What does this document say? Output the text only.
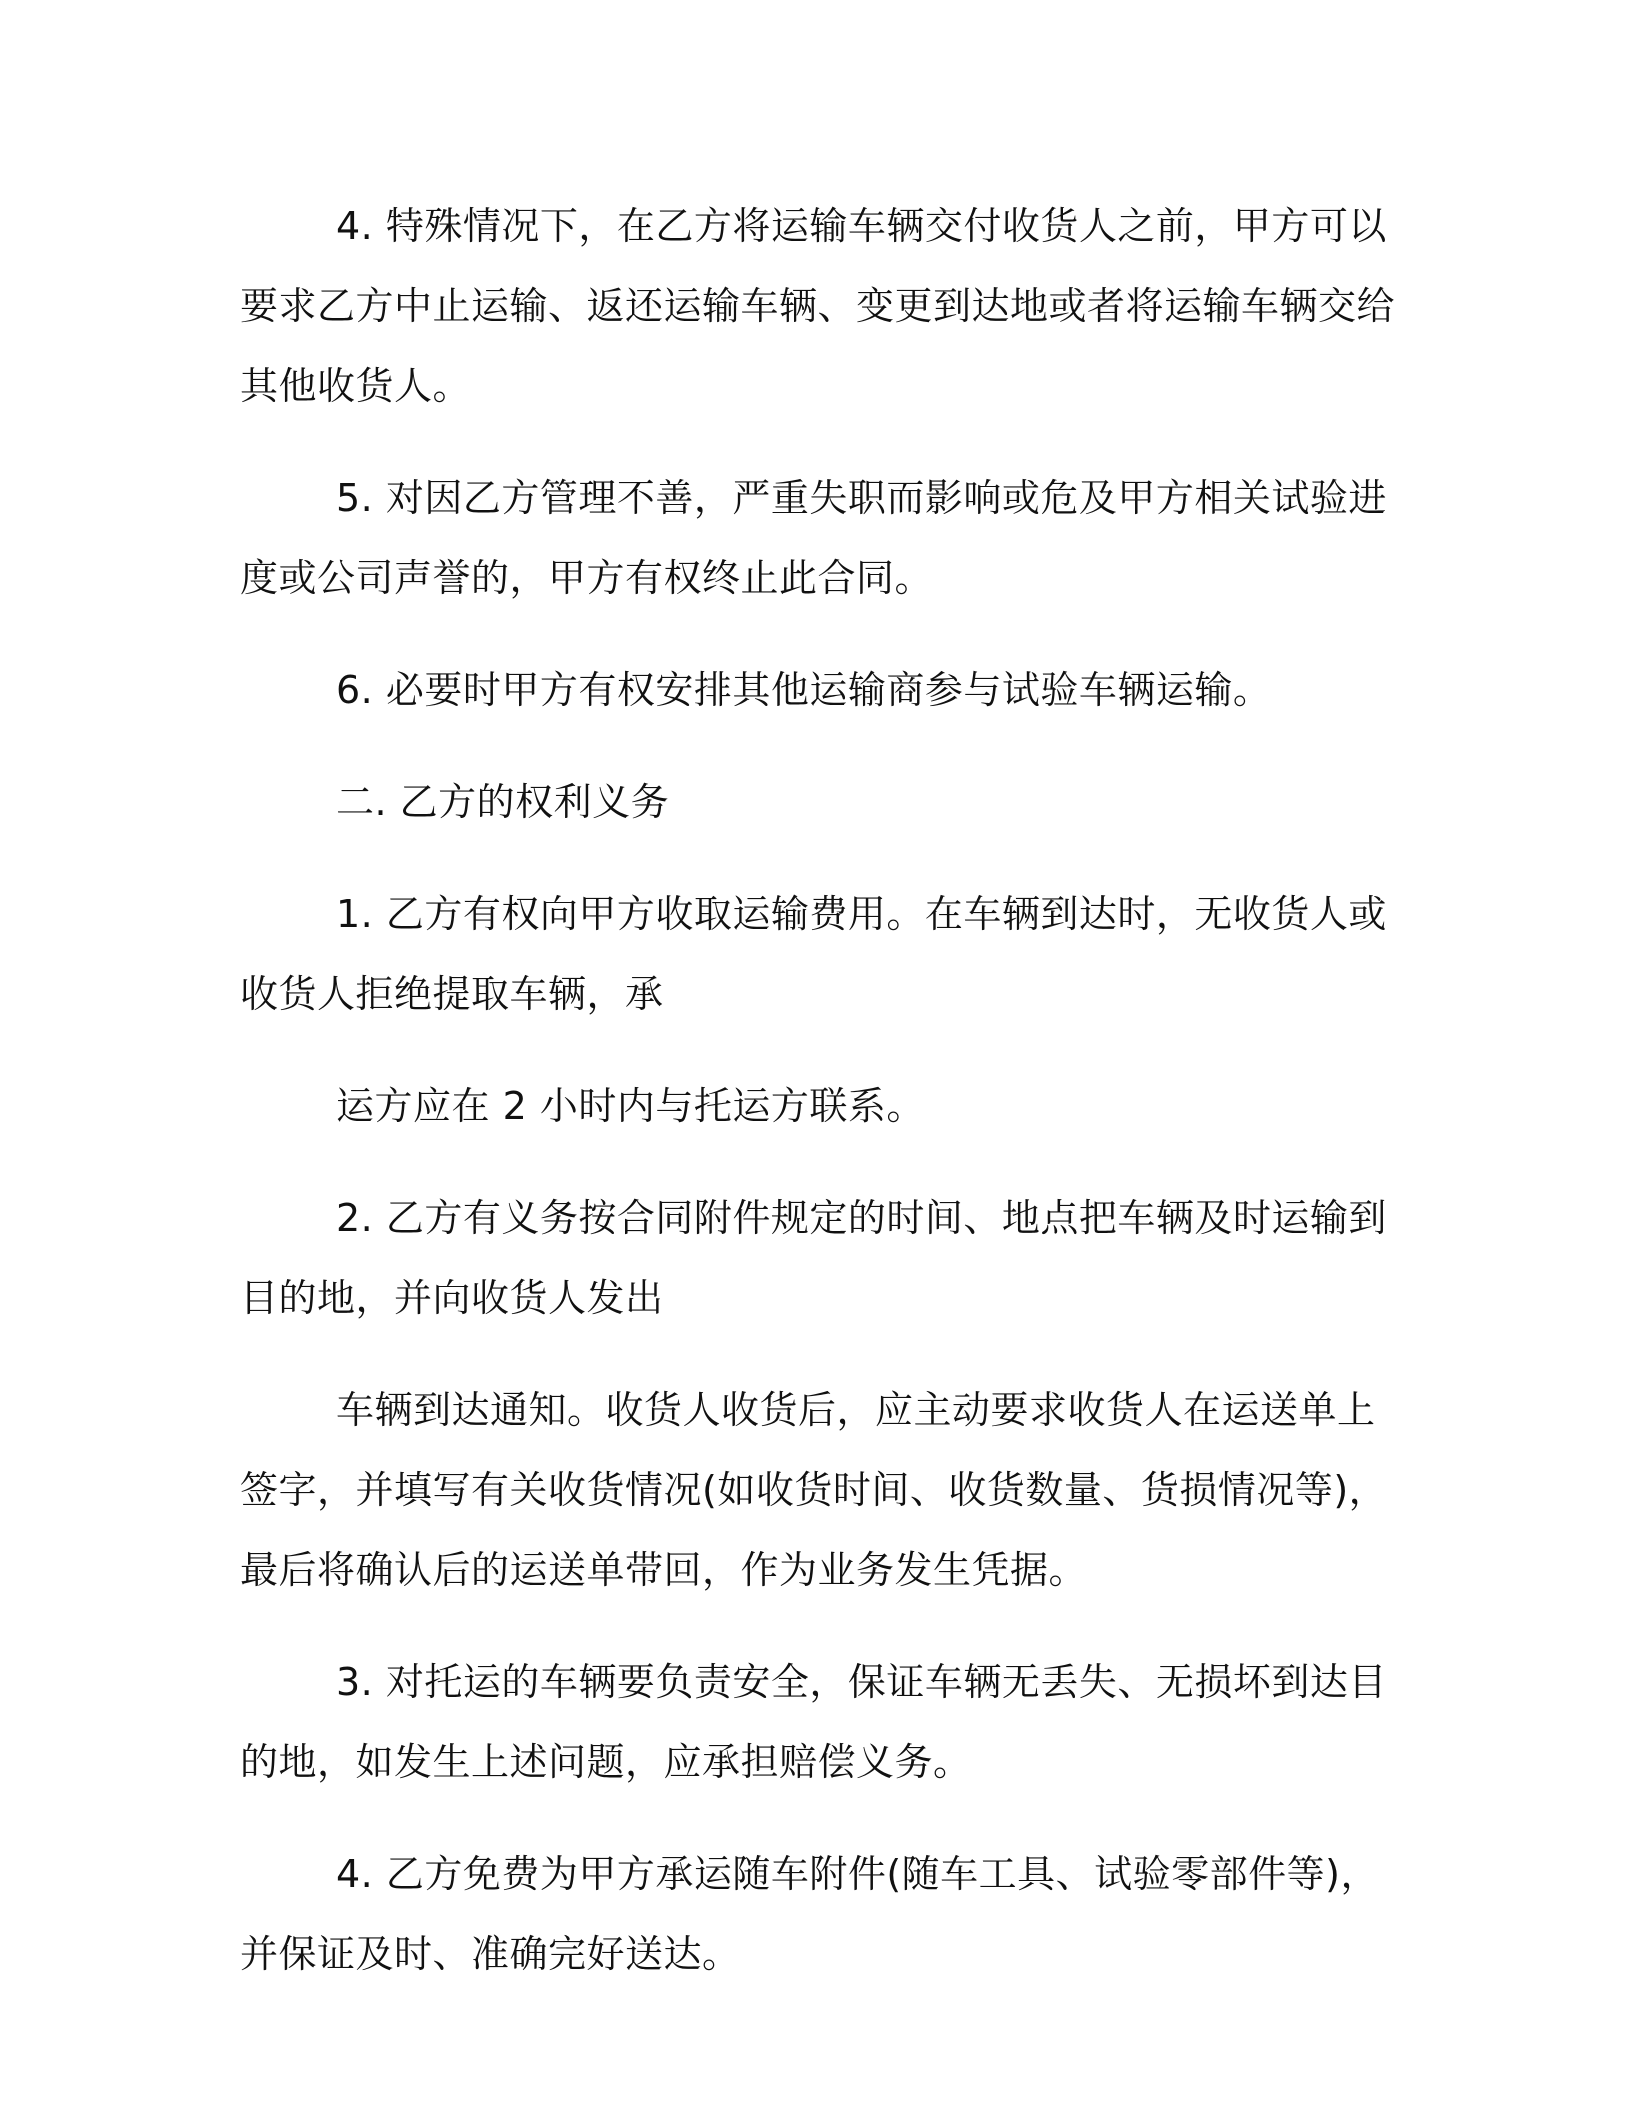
4. 特殊情况下，在乙方将运输车辆交付收货人之前，甲方可以要求乙方中止运输、返还运输车辆、变更到达地或者将运输车辆交给其他收货人。

5. 对因乙方管理不善，严重失职而影响或危及甲方相关试验进度或公司声誉的，甲方有权终止此合同。

6. 必要时甲方有权安排其他运输商参与试验车辆运输。

二. 乙方的权利义务

1. 乙方有权向甲方收取运输费用。在车辆到达时，无收货人或收货人拒绝提取车辆，承

运方应在 2 小时内与托运方联系。

2. 乙方有义务按合同附件规定的时间、地点把车辆及时运输到目的地，并向收货人发出

车辆到达通知。收货人收货后，应主动要求收货人在运送单上签字，并填写有关收货情况(如收货时间、收货数量、货损情况等)，最后将确认后的运送单带回，作为业务发生凭据。

3. 对托运的车辆要负责安全，保证车辆无丢失、无损坏到达目的地，如发生上述问题，应承担赔偿义务。

4. 乙方免费为甲方承运随车附件(随车工具、试验零部件等)，并保证及时、准确完好送达。
